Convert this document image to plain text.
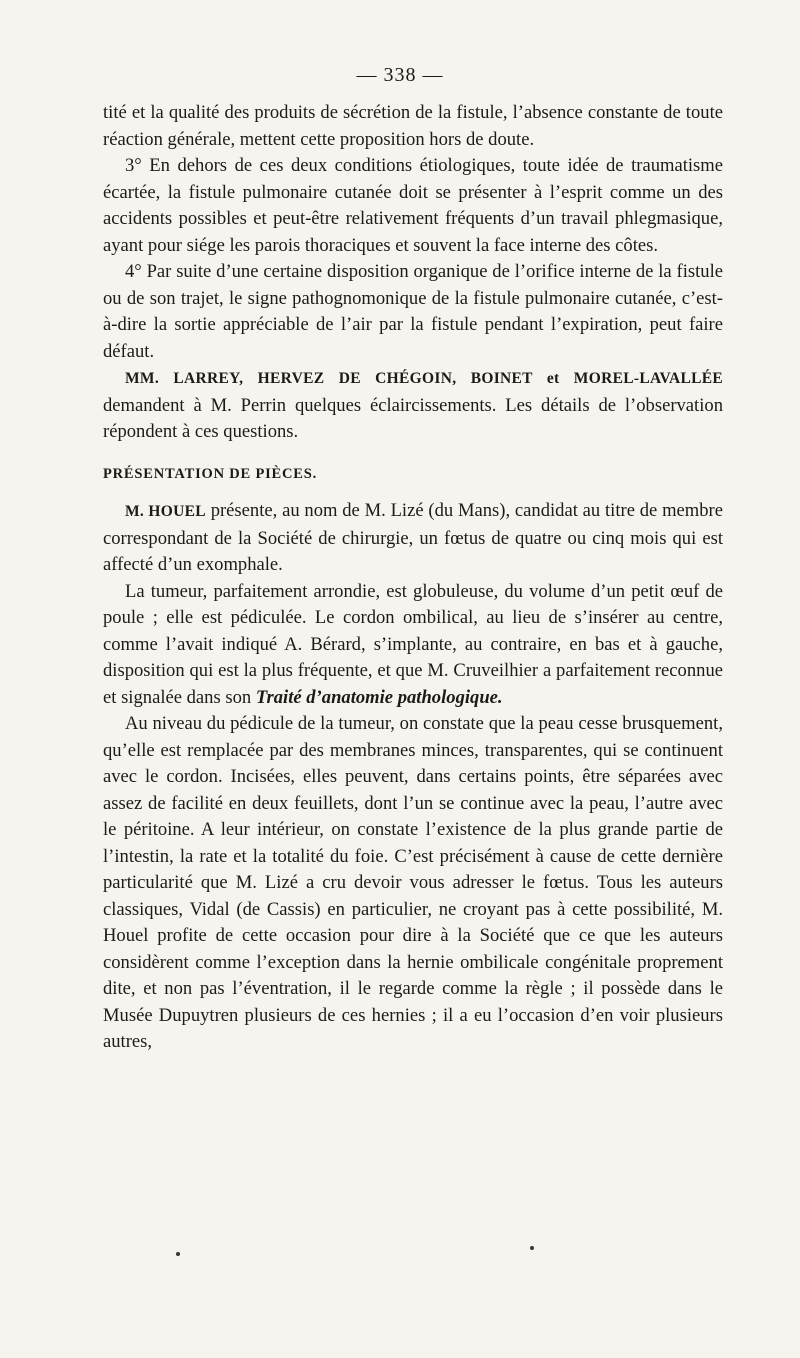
— 338 —

tité et la qualité des produits de sécrétion de la fistule, l’absence constante de toute réaction générale, mettent cette proposition hors de doute.

3° En dehors de ces deux conditions étiologiques, toute idée de traumatisme écartée, la fistule pulmonaire cutanée doit se présenter à l’esprit comme un des accidents possibles et peut-être relativement fréquents d’un travail phlegmasique, ayant pour siége les parois thoraciques et souvent la face interne des côtes.

4° Par suite d’une certaine disposition organique de l’orifice interne de la fistule ou de son trajet, le signe pathognomonique de la fistule pulmonaire cutanée, c’est-à-dire la sortie appréciable de l’air par la fistule pendant l’expiration, peut faire défaut.

MM. LARREY, HERVEZ DE CHÉGOIN, BOINET et MOREL-LAVALLÉE demandent à M. Perrin quelques éclaircissements. Les détails de l’observation répondent à ces questions.

PRÉSENTATION DE PIÈCES.

M. HOUEL présente, au nom de M. Lizé (du Mans), candidat au titre de membre correspondant de la Société de chirurgie, un fœtus de quatre ou cinq mois qui est affecté d’un exomphale.

La tumeur, parfaitement arrondie, est globuleuse, du volume d’un petit œuf de poule ; elle est pédiculée. Le cordon ombilical, au lieu de s’insérer au centre, comme l’avait indiqué A. Bérard, s’implante, au contraire, en bas et à gauche, disposition qui est la plus fréquente, et que M. Cruveilhier a parfaitement reconnue et signalée dans son Traité d’anatomie pathologique.

Au niveau du pédicule de la tumeur, on constate que la peau cesse brusquement, qu’elle est remplacée par des membranes minces, transparentes, qui se continuent avec le cordon. Incisées, elles peuvent, dans certains points, être séparées avec assez de facilité en deux feuillets, dont l’un se continue avec la peau, l’autre avec le péritoine. A leur intérieur, on constate l’existence de la plus grande partie de l’intestin, la rate et la totalité du foie. C’est précisément à cause de cette dernière particularité que M. Lizé a cru devoir vous adresser le fœtus. Tous les auteurs classiques, Vidal (de Cassis) en particulier, ne croyant pas à cette possibilité, M. Houel profite de cette occasion pour dire à la Société que ce que les auteurs considèrent comme l’exception dans la hernie ombilicale congénitale proprement dite, et non pas l’éventration, il le regarde comme la règle ; il possède dans le Musée Dupuytren plusieurs de ces hernies ; il a eu l’occasion d’en voir plusieurs autres,
